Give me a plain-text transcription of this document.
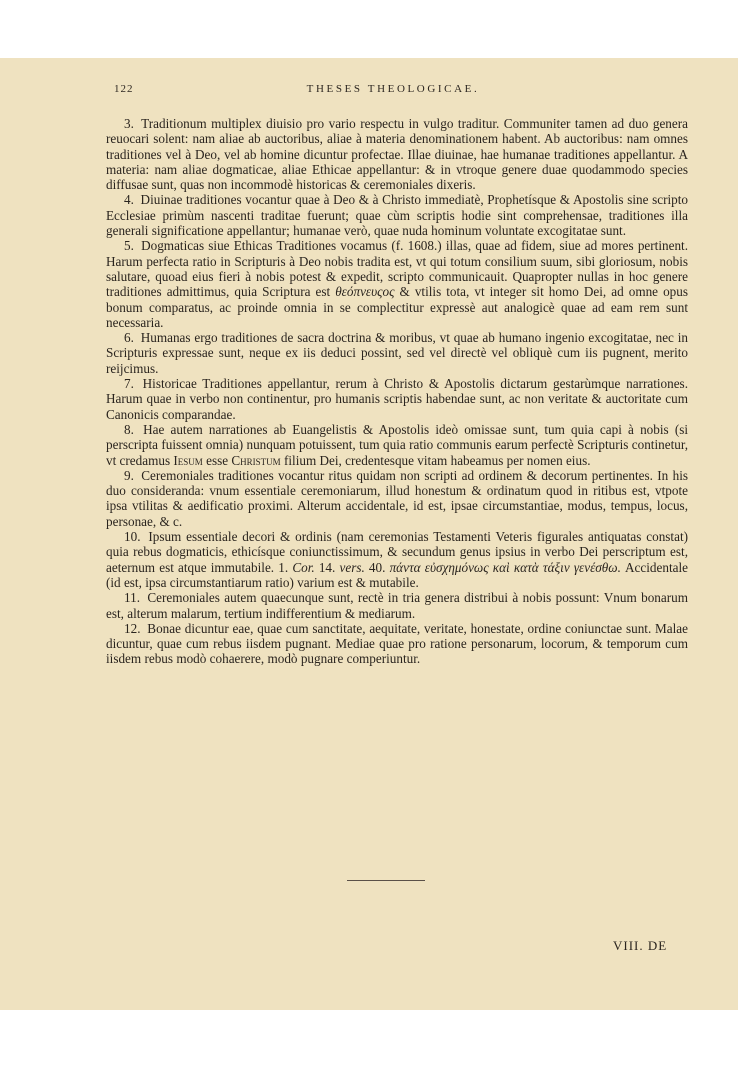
122	THESES THEOLOGICAE.

3. Traditionum multiplex diuisio pro vario respectu in vulgo traditur. Communiter tamen ad duo genera reuocari solent: nam aliae ab auctoribus, aliae à materia denominationem habent. Ab auctoribus: nam omnes traditiones vel à Deo, vel ab homine dicuntur profectae. Illae diuinae, hae humanae traditiones appellantur. A materia: nam aliae dogmaticae, aliae Ethicae appellantur: & in vtroque genere duae quodammodo species diffusae sunt, quas non incommodè historicas & ceremoniales dixeris.

4. Diuinae traditiones vocantur quae à Deo & à Christo immediatè, Prophetísque & Apostolis sine scripto Ecclesiae primùm nascenti traditae fuerunt; quae cùm scriptis hodie sint comprehensae, traditiones illa generali significatione appellantur; humanae verò, quae nuda hominum voluntate excogitatae sunt.

5. Dogmaticas siue Ethicas Traditiones vocamus (f. 1608.) illas, quae ad fidem, siue ad mores pertinent. Harum perfecta ratio in Scripturis à Deo nobis tradita est, vt qui totum consilium suum, sibi gloriosum, nobis salutare, quoad eius fieri à nobis potest & expedit, scripto communicauit. Quapropter nullas in hoc genere traditiones admittimus, quia Scriptura est θεόπνευςος & vtilis tota, vt integer sit homo Dei, ad omne opus bonum comparatus, ac proinde omnia in se complectitur expressè aut analogicè quae ad eam rem sunt necessaria.

6. Humanas ergo traditiones de sacra doctrina & moribus, vt quae ab humano ingenio excogitatae, nec in Scripturis expressae sunt, neque ex iis deduci possint, sed vel directè vel obliquè cum iis pugnent, merito reijcimus.

7. Historicae Traditiones appellantur, rerum à Christo & Apostolis dictarum gestarùmque narrationes. Harum quae in verbo non continentur, pro humanis scriptis habendae sunt, ac non veritate & auctoritate cum Canonicis comparandae.

8. Hae autem narrationes ab Euangelistis & Apostolis ideò omissae sunt, tum quia capi à nobis (si perscripta fuissent omnia) nunquam potuissent, tum quia ratio communis earum perfectè Scripturis continetur, vt credamus Iesum esse Christum filium Dei, credentesque vitam habeamus per nomen eius.

9. Ceremoniales traditiones vocantur ritus quidam non scripti ad ordinem & decorum pertinentes. In his duo consideranda: vnum essentiale ceremoniarum, illud honestum & ordinatum quod in ritibus est, vtpote ipsa vtilitas & aedificatio proximi. Alterum accidentale, id est, ipsae circumstantiae, modus, tempus, locus, personae, & c.

10. Ipsum essentiale decori & ordinis (nam ceremonias Testamenti Veteris figurales antiquatas constat) quia rebus dogmaticis, ethicísque coniunctissimum, & secundum genus ipsius in verbo Dei perscriptum est, aeternum est atque immutabile. 1. Cor. 14. vers. 40. πάντα εὐσχημόνως καὶ κατὰ τάξιν γενέσθω. Accidentale (id est, ipsa circumstantiarum ratio) varium est & mutabile.

11. Ceremoniales autem quaecunque sunt, rectè in tria genera distribui à nobis possunt: Vnum bonarum est, alterum malarum, tertium indifferentium & mediarum.

12. Bonae dicuntur eae, quae cum sanctitate, aequitate, veritate, honestate, ordine coniunctae sunt. Malae dicuntur, quae cum rebus iisdem pugnant. Mediae quae pro ratione personarum, locorum, & temporum cum iisdem rebus modò cohaerere, modò pugnare comperiuntur.

VIII. DE
